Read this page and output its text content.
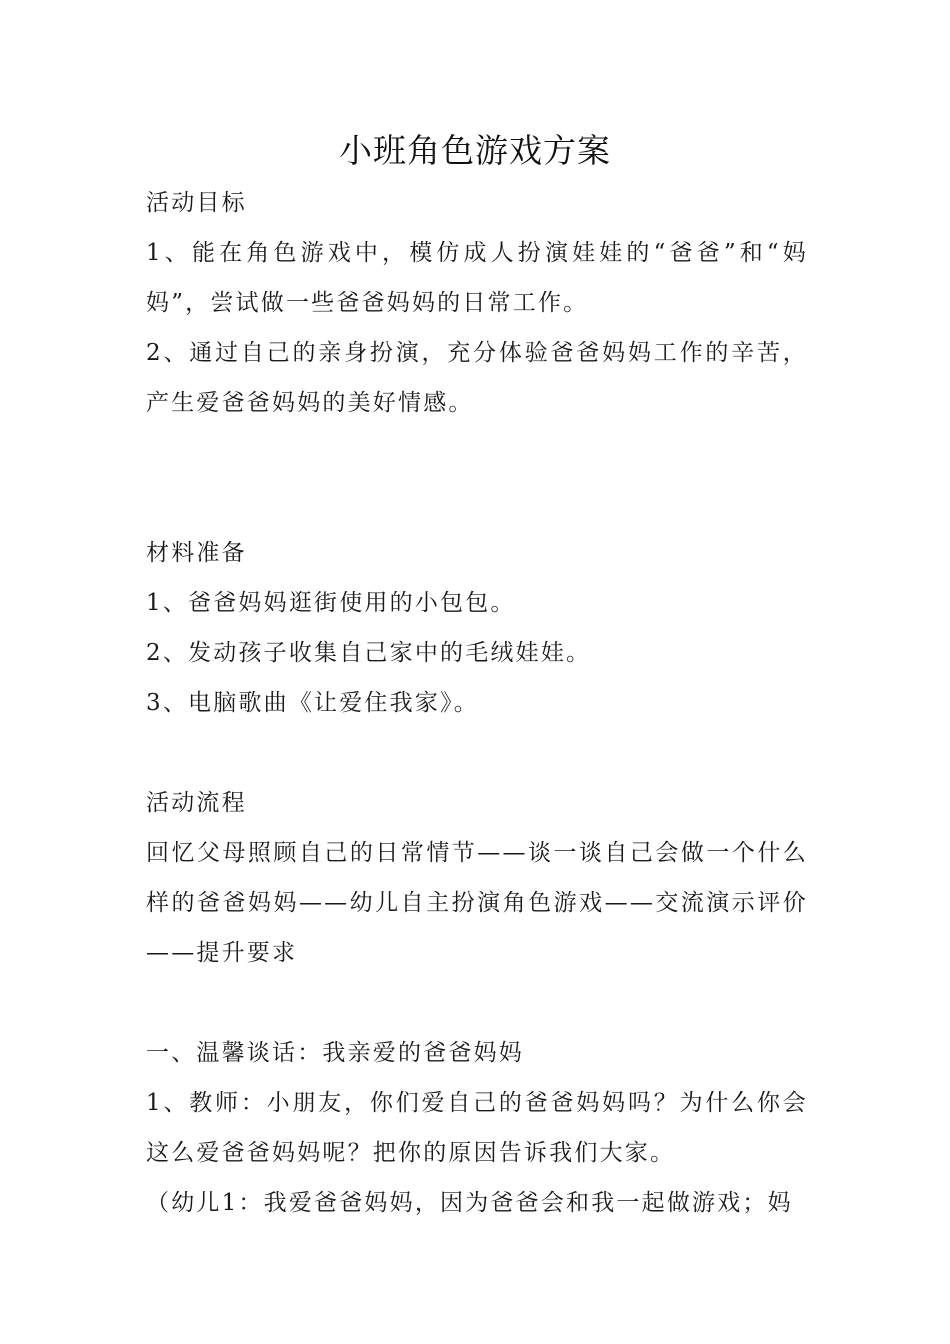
小班角色游戏方案

活动目标

1、能在角色游戏中，模仿成人扮演娃娃的“爸爸”和“妈妈”，尝试做一些爸爸妈妈的日常工作。

2、通过自己的亲身扮演，充分体验爸爸妈妈工作的辛苦，产生爱爸爸妈妈的美好情感。

材料准备

1、爸爸妈妈逛街使用的小包包。

2、发动孩子收集自己家中的毛绒娃娃。

3、电脑歌曲《让爱住我家》。

活动流程

回忆父母照顾自己的日常情节——谈一谈自己会做一个什么样的爸爸妈妈——幼儿自主扮演角色游戏——交流演示评价——提升要求

一、温馨谈话：我亲爱的爸爸妈妈

1、教师：小朋友，你们爱自己的爸爸妈妈吗？为什么你会这么爱爸爸妈妈呢？把你的原因告诉我们大家。

（幼儿1：我爱爸爸妈妈，因为爸爸会和我一起做游戏；妈
